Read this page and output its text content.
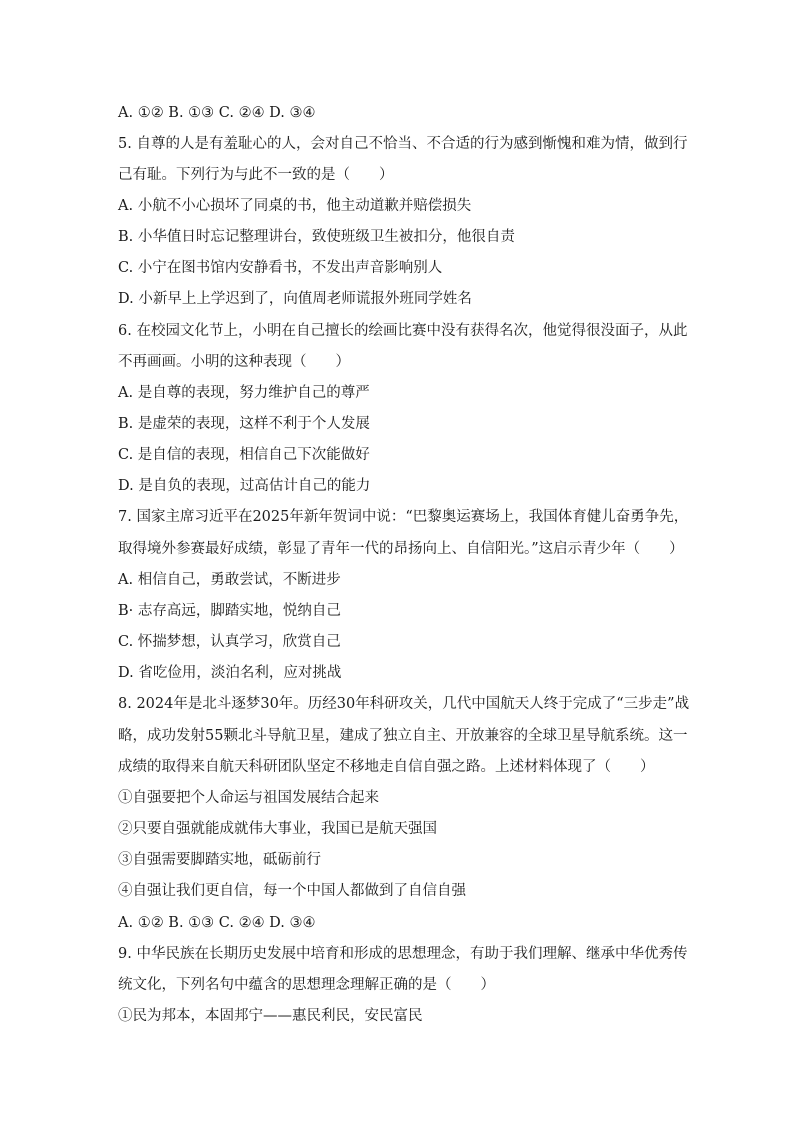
A. ①② B. ①③ C. ②④ D. ③④
5. 自尊的人是有羞耻心的人，会对自己不恰当、不合适的行为感到惭愧和难为情，做到行
己有耻。下列行为与此不一致的是（　　）
A. 小航不小心损坏了同桌的书，他主动道歉并赔偿损失
B. 小华值日时忘记整理讲台，致使班级卫生被扣分，他很自责
C. 小宁在图书馆内安静看书，不发出声音影响别人
D. 小新早上上学迟到了，向值周老师谎报外班同学姓名
6. 在校园文化节上，小明在自己擅长的绘画比赛中没有获得名次，他觉得很没面子，从此
不再画画。小明的这种表现（　　）
A. 是自尊的表现，努力维护自己的尊严
B. 是虚荣的表现，这样不利于个人发展
C. 是自信的表现，相信自己下次能做好
D. 是自负的表现，过高估计自己的能力
7. 国家主席习近平在2025年新年贺词中说：“巴黎奥运赛场上，我国体育健儿奋勇争先，
取得境外参赛最好成绩，彰显了青年一代的昂扬向上、自信阳光。”这启示青少年（　　）
A. 相信自己，勇敢尝试，不断进步
B· 志存高远，脚踏实地，悦纳自己
C. 怀揣梦想，认真学习，欣赏自己
D. 省吃俭用，淡泊名利，应对挑战
8. 2024年是北斗逐梦30年。历经30年科研攻关，几代中国航天人终于完成了“三步走”战
略，成功发射55颗北斗导航卫星，建成了独立自主、开放兼容的全球卫星导航系统。这一
成绩的取得来自航天科研团队坚定不移地走自信自强之路。上述材料体现了（　　）
①自强要把个人命运与祖国发展结合起来
②只要自强就能成就伟大事业，我国已是航天强国
③自强需要脚踏实地，砥砺前行
④自强让我们更自信，每一个中国人都做到了自信自强
A. ①② B. ①③ C. ②④ D. ③④
9. 中华民族在长期历史发展中培育和形成的思想理念，有助于我们理解、继承中华优秀传
统文化，下列名句中蕴含的思想理念理解正确的是（　　）
①民为邦本，本固邦宁——惠民利民，安民富民
